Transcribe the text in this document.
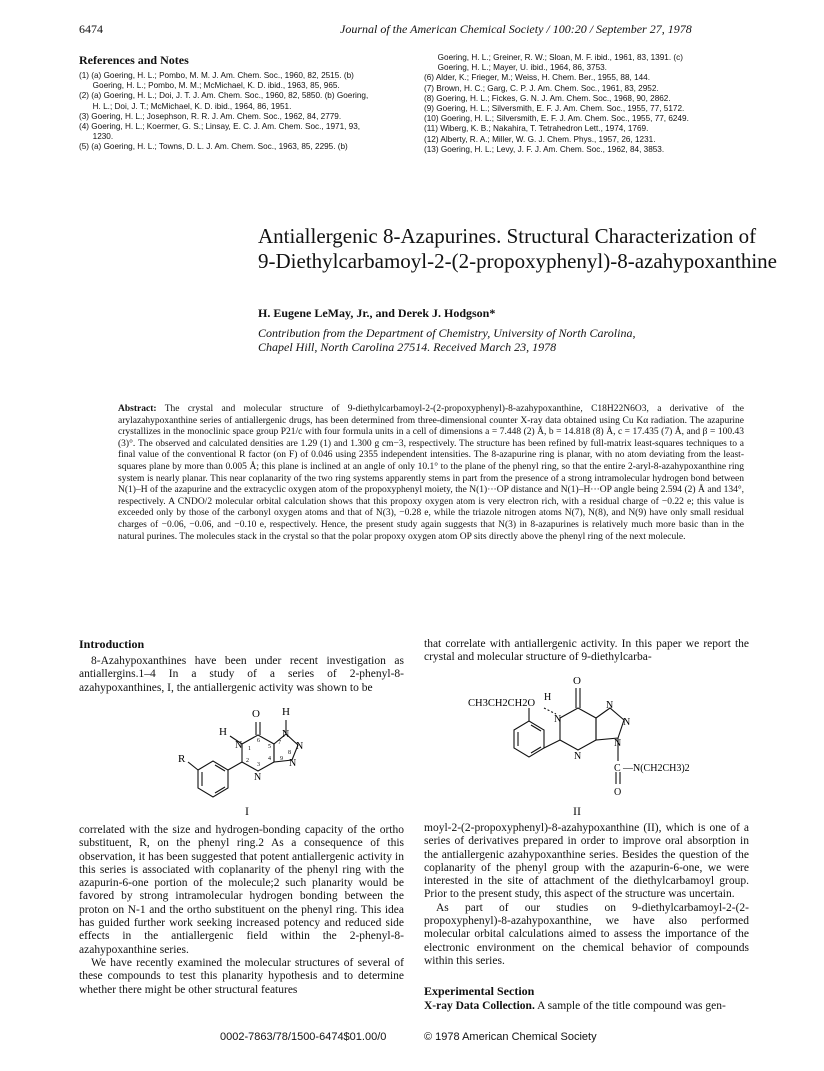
6474	Journal of the American Chemical Society / 100:20 / September 27, 1978
References and Notes
(1) (a) Goering, H. L.; Pombo, M. M. J. Am. Chem. Soc., 1960, 82, 2515. (b)
Goering, H. L.; Pombo, M. M.; McMichael, K. D. ibid., 1963, 85, 965.
(2) (a) Goering, H. L.; Doi, J. T. J. Am. Chem. Soc., 1960, 82, 5850. (b) Goering,
H. L.; Doi, J. T.; McMichael, K. D. ibid., 1964, 86, 1951.
(3) Goering, H. L.; Josephson, R. R. J. Am. Chem. Soc., 1962, 84, 2779.
(4) Goering, H. L.; Koermer, G. S.; Linsay, E. C. J. Am. Chem. Soc., 1971, 93,
1230.
(5) (a) Goering, H. L.; Towns, D. L. J. Am. Chem. Soc., 1963, 85, 2295. (b)
Goering, H. L.; Greiner, R. W.; Sloan, M. F. ibid., 1961, 83, 1391. (c)
Goering, H. L.; Mayer, U. ibid., 1964, 86, 3753.
(6) Alder, K.; Frieger, M.; Weiss, H. Chem. Ber., 1955, 88, 144.
(7) Brown, H. C.; Garg, C. P. J. Am. Chem. Soc., 1961, 83, 2952.
(8) Goering, H. L.; Fickes, G. N. J. Am. Chem. Soc., 1968, 90, 2862.
(9) Goering, H. L.; Silversmith, E. F. J. Am. Chem. Soc., 1955, 77, 5172.
(10) Goering, H. L.; Silversmith, E. F. J. Am. Chem. Soc., 1955, 77, 6249.
(11) Wiberg, K. B.; Nakahira, T. Tetrahedron Lett., 1974, 1769.
(12) Alberty, R. A.; Miller, W. G. J. Chem. Phys., 1957, 26, 1231.
(13) Goering, H. L.; Levy, J. F. J. Am. Chem. Soc., 1962, 84, 3853.
Antiallergenic 8-Azapurines. Structural Characterization of 9-Diethylcarbamoyl-2-(2-propoxyphenyl)-8-azahypoxanthine
H. Eugene LeMay, Jr., and Derek J. Hodgson*
Contribution from the Department of Chemistry, University of North Carolina,
Chapel Hill, North Carolina 27514. Received March 23, 1978
Abstract: The crystal and molecular structure of 9-diethylcarbamoyl-2-(2-propoxyphenyl)-8-azahypoxanthine, C18H22N6O3, a derivative of the arylazahypoxanthine series of antiallergenic drugs, has been determined from three-dimensional counter X-ray data obtained using Cu Kα radiation. The azapurine crystallizes in the monoclinic space group P21/c with four formula units in a cell of dimensions a = 7.448 (2) Å, b = 14.818 (8) Å, c = 17.435 (7) Å, and β = 100.43 (3)°. The observed and calculated densities are 1.29 (1) and 1.300 g cm−3, respectively. The structure has been refined by full-matrix least-squares techniques to a final value of the conventional R factor (on F) of 0.046 using 2355 independent intensities. The 8-azapurine ring is planar, with no atom deviating from the least-squares plane by more than 0.005 Å; this plane is inclined at an angle of only 10.1° to the plane of the phenyl ring, so that the entire 2-aryl-8-azahypoxanthine ring system is nearly planar. This near coplanarity of the two ring systems apparently stems in part from the presence of a strong intramolecular hydrogen bond between N(1)–H of the azapurine and the extracyclic oxygen atom of the propoxyphenyl moiety, the N(1)···OP distance and N(1)–H···OP angle being 2.594 (2) Å and 134°, respectively. A CNDO/2 molecular orbital calculation shows that this propoxy oxygen atom is very electron rich, with a residual charge of −0.22 e; this value is exceeded only by those of the carbonyl oxygen atoms and that of N(3), −0.28 e, while the triazole nitrogen atoms N(7), N(8), and N(9) have only small residual charges of −0.06, −0.06, and −0.10 e, respectively. Hence, the present study again suggests that N(3) in 8-azapurines is relatively much more basic than in the natural purines. The molecules stack in the crystal so that the polar propoxy oxygen atom OP sits directly above the phenyl ring of the next molecule.
Introduction

8-Azahypoxanthines have been under recent investigation as antiallergins.1–4 In a study of a series of 2-phenyl-8-azahypoxanthines, I, the antiallergenic activity was shown to be

O H
H
N
N
N
N
N
R
1
2
3
4
5
6	7
8
9
I

correlated with the size and hydrogen-bonding capacity of the ortho substituent, R, on the phenyl ring.2 As a consequence of this observation, it has been suggested that potent antiallergenic activity in this series is associated with coplanarity of the phenyl ring with the azapurin-6-one portion of the molecule;2 such planarity would be favored by strong intramolecular hydrogen bonding between the proton on N-1 and the ortho substituent on the phenyl ring. This idea has guided further work seeking increased potency and reduced side effects in the antiallergenic field within the 2-phenyl-8-azahypoxanthine series.

We have recently examined the molecular structures of several of these compounds to test this planarity hypothesis and to determine whether there might be other structural features

that correlate with antiallergenic activity. In this paper we report the crystal and molecular structure of 9-diethylcarba-

CH3CH2CH2O
H
O
N
N
N
N
N
C —N(CH2CH3)2
O
II

moyl-2-(2-propoxyphenyl)-8-azahypoxanthine (II), which is one of a series of derivatives prepared in order to improve oral absorption in the antiallergenic azahypoxanthine series. Besides the question of the coplanarity of the phenyl group with the azapurin-6-one, we were interested in the site of attachment of the diethylcarbamoyl group. Prior to the present study, this aspect of the structure was uncertain.

As part of our studies on 9-diethylcarbamoyl-2-(2-propoxyphenyl)-8-azahypoxanthine, we have also performed molecular orbital calculations aimed to assess the importance of the electronic environment on the chemical behavior of compounds within this series.

Experimental Section

X-ray Data Collection. A sample of the title compound was gen-

0002-7863/78/1500-6474$01.00/0	© 1978 American Chemical Society
